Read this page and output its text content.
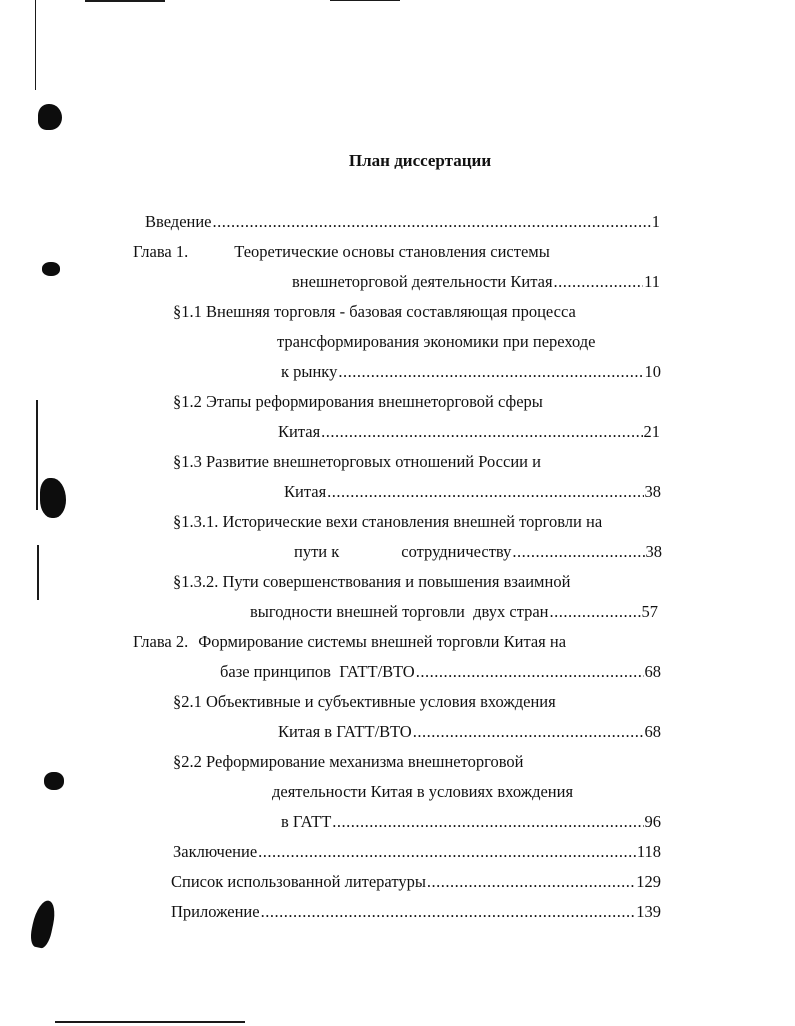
План диссертации
Введение .....	1
Глава 1.	Теоретические основы становления системы
внешнеторговой деятельности Китая .....	11
§1.1 Внешняя торговля - базовая составляющая процесса
трансформирования экономики при переходе
к рынку .....	10
§1.2 Этапы реформирования внешнеторговой сферы
Китая .....	21
§1.3 Развитие внешнеторговых отношений России и
Китая .....	38
§1.3.1. Исторические вехи становления внешней торговли на
пути к	сотрудничеству .....	38
§1.3.2. Пути совершенствования и повышения взаимной
выгодности внешней торговли  двух стран .....	57
Глава 2. Формирование системы внешней торговли Китая на
базе принципов  ГАТТ/ВТО .....	68
§2.1 Объективные и субъективные условия вхождения
Китая в ГАТТ/ВТО .....	68
§2.2 Реформирование механизма внешнеторговой
деятельности Китая в условиях вхождения
в ГАТТ .....	96
Заключение .....	118
Список использованной литературы .....	129
Приложение .....	139
